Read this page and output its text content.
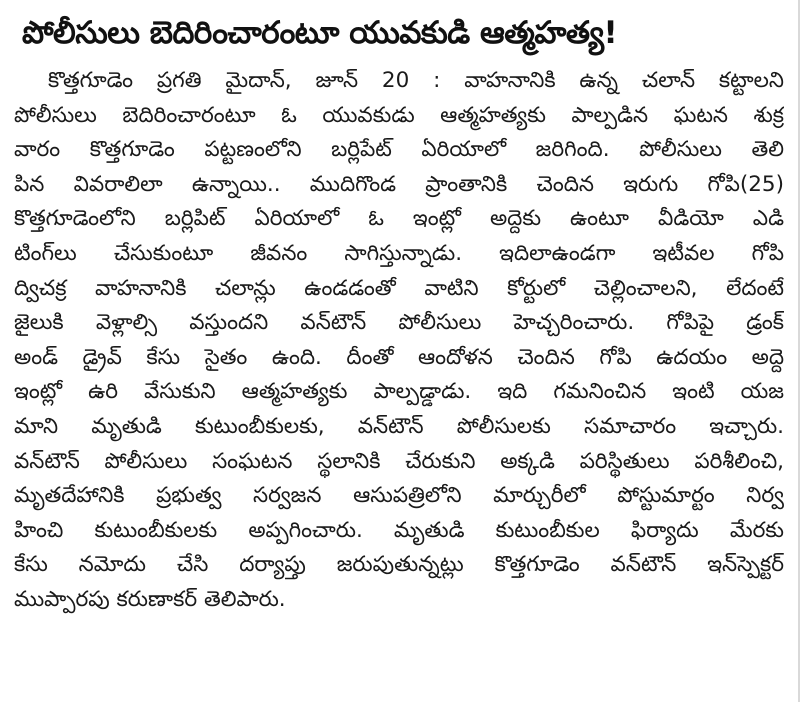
పోలీసులు బెదిరించారంటూ యువకుడి ఆత్మహత్య!
కొత్తగూడెం ప్రగతి మైదాన్, జూన్ 20 : వాహనానికి ఉన్న చలాన్ కట్టాలని
పోలీసులు బెదిరించారంటూ ఓ యువకుడు ఆత్మహత్యకు పాల్పడిన ఘటన శుక్ర
వారం కొత్తగూడెం పట్టణంలోని బర్లిపేట్ ఏరియాలో జరిగింది. పోలీసులు తెలి
పిన వివరాలిలా ఉన్నాయి.. ముదిగొండ ప్రాంతానికి చెందిన ఇరుగు గోపి(25)
కొత్తగూడెంలోని బర్లిపిట్ ఏరియాలో ఓ ఇంట్లో అద్దెకు ఉంటూ వీడియో ఎడి
టింగ్‌లు చేసుకుంటూ జీవనం సాగిస్తున్నాడు. ఇదిలాఉండగా ఇటీవల గోపి
ద్విచక్ర వాహనానికి చలాన్లు ఉండడంతో వాటిని కోర్టులో చెల్లించాలని, లేదంటే
జైలుకి వెళ్లాల్సి వస్తుందని వన్‌టౌన్ పోలీసులు హెచ్చరించారు. గోపిపై డ్రంక్
అండ్ డ్రైవ్ కేసు సైతం ఉంది. దీంతో ఆందోళన చెందిన గోపి ఉదయం అద్దె
ఇంట్లో ఉరి వేసుకుని ఆత్మహత్యకు పాల్పడ్డాడు. ఇది గమనించిన ఇంటి యజ
మాని మృతుడి కుటుంబీకులకు, వన్‌టౌన్ పోలీసులకు సమాచారం ఇచ్చారు.
వన్‌టౌన్ పోలీసులు సంఘటన స్థలానికి చేరుకుని అక్కడి పరిస్థితులు పరిశీలించి,
మృతదేహానికి ప్రభుత్వ సర్వజన ఆసుపత్రిలోని మార్చురీలో పోస్టుమార్టం నిర్వ
హించి కుటుంబీకులకు అప్పగించారు. మృతుడి కుటుంబీకుల ఫిర్యాదు మేరకు
కేసు నమోదు చేసి దర్యాప్తు జరుపుతున్నట్లు కొత్తగూడెం వన్‌టౌన్ ఇన్‌స్పెక్టర్
ముప్పారపు కరుణాకర్ తెలిపారు.
